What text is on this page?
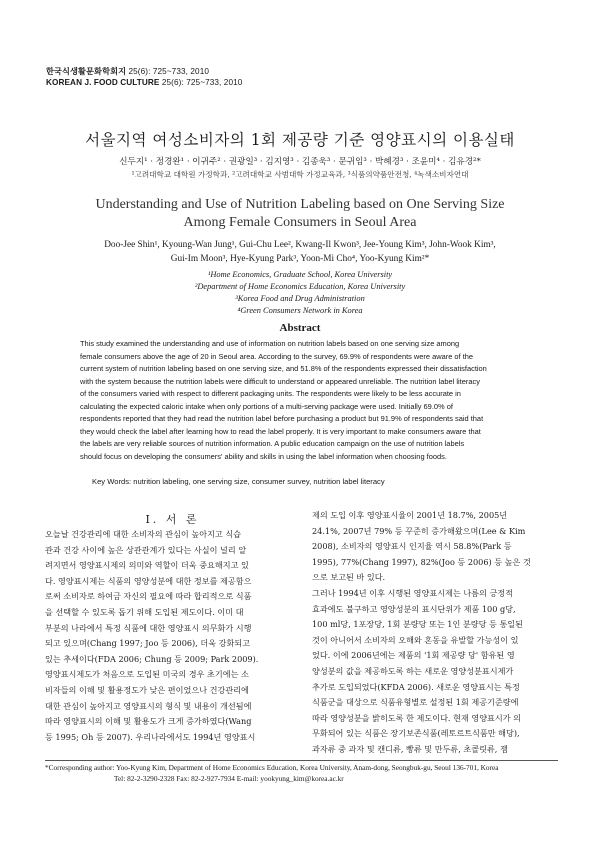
한국식생활문화학회지 25(6): 725~733, 2010
KOREAN J. FOOD CULTURE 25(6): 725~733, 2010
서울지역 여성소비자의 1회 제공량 기준 영양표시의 이용실태
신두지¹ · 정경완¹ · 이귀주² · 권광일³ · 김지영³ · 김종욱³ · 문귀임³ · 박혜경³ · 조윤미⁴ · 김유경²*
¹고려대학교 대학원 가정학과, ²고려대학교 사범대학 가정교육과, ³식품의약품안전청, ⁴녹색소비자연대
Understanding and Use of Nutrition Labeling based on One Serving Size
Among Female Consumers in Seoul Area
Doo-Jee Shin¹, Kyoung-Wan Jung¹, Gui-Chu Lee², Kwang-Il Kwon³, Jee-Young Kim³, John-Wook Kim³,
Gui-Im Moon³, Hye-Kyung Park³, Yoon-Mi Cho⁴, Yoo-Kyung Kim²*
¹Home Economics, Graduate School, Korea University
²Department of Home Economics Education, Korea University
³Korea Food and Drug Administration
⁴Green Consumers Network in Korea
Abstract
This study examined the understanding and use of information on nutrition labels based on one serving size among
female consumers above the age of 20 in Seoul area. According to the survey, 69.9% of respondents were aware of the
current system of nutrition labeling based on one serving size, and 51.8% of the respondents expressed their dissatisfaction
with the system because the nutrition labels were difficult to understand or appeared unreliable. The nutrition label literacy
of the consumers varied with respect to different packaging units. The respondents were likely to be less accurate in
calculating the expected caloric intake when only portions of a multi-serving package were used. Initially 69.0% of
respondents reported that they had read the nutrition label before purchasing a product but 91.9% of respondents said that
they would check the label after learning how to read the label properly. It is very important to make consumers aware that
the labels are very reliable sources of nutrition information. A public education campaign on the use of nutrition labels
should focus on developing the consumers' ability and skills in using the label information when choosing foods.
Key Words: nutrition labeling, one serving size, consumer survey, nutrition label literacy
Ⅰ. 서 론
오늘날 건강관리에 대한 소비자의 관심이 높아지고 식습
관과 건강 사이에 높은 상관관계가 있다는 사실이 널리 알
려지면서 영양표시제의 의미와 역할이 더욱 중요해지고 있
다. 영양표시제는 식품의 영양성분에 대한 정보를 제공함으
로써 소비자로 하여금 자신의 필요에 따라 합리적으로 식품
을 선택할 수 있도록 돕기 위해 도입된 제도이다. 이미 대
부분의 나라에서 특정 식품에 대한 영양표시 의무화가 시행
되고 있으며(Chang 1997; Joo 등 2006), 더욱 강화되고
있는 추세이다(FDA 2006; Chung 등 2009; Park 2009).
영양표시제도가 처음으로 도입된 미국의 경우 초기에는 소
비자들의 이해 및 활용정도가 낮은 편이었으나 건강관리에
대한 관심이 높아지고 영양표시의 형식 및 내용이 개선됨에
따라 영양표시의 이해 및 활용도가 크게 증가하였다(Wang
등 1995; Oh 등 2007). 우리나라에서도 1994년 영양표시
제의 도입 이후 영양표시율이 2001년 18.7%, 2005년
24.1%, 2007년 79% 등 꾸준히 증가해왔으며(Lee & Kim
2008), 소비자의 영양표시 인지율 역시 58.8%(Park 등
1995), 77%(Chang 1997), 82%(Joo 등 2006) 등 높은 것
으로 보고된 바 있다.
그러나 1994년 이후 시행된 영양표시제는 나름의 긍정적
효과에도 불구하고 영양성분의 표시단위가 제품 100 g당,
100 ml당, 1포장당, 1회 분량당 또는 1인 분량당 등 통일된
것이 아니어서 소비자의 오해와 혼동을 유발할 가능성이 있
었다. 이에 2006년에는 제품의 '1회 제공량 당' 함유된 영
양성분의 값을 제공하도록 하는 새로운 영양성분표시제가
추가로 도입되었다(KFDA 2006). 새로운 영양표시는 특정
식품군을 대상으로 식품유형별로 설정된 1회 제공기준량에
따라 영양성분을 밝히도록 한 제도이다. 현재 영양표시가 의
무화되어 있는 식품은 장기보존식품(레토르트식품만 해당),
과자류 중 과자 및 캔디류, 빵류 및 만두류, 초콜릿류, 잼
*Corresponding author: Yoo-Kyung Kim, Department of Home Economics Education, Korea University, Anam-dong, Seongbuk-gu, Seoul 136-701, Korea
Tel: 82-2-3290-2328 Fax: 82-2-927-7934 E-mail: yookyung_kim@korea.ac.kr
